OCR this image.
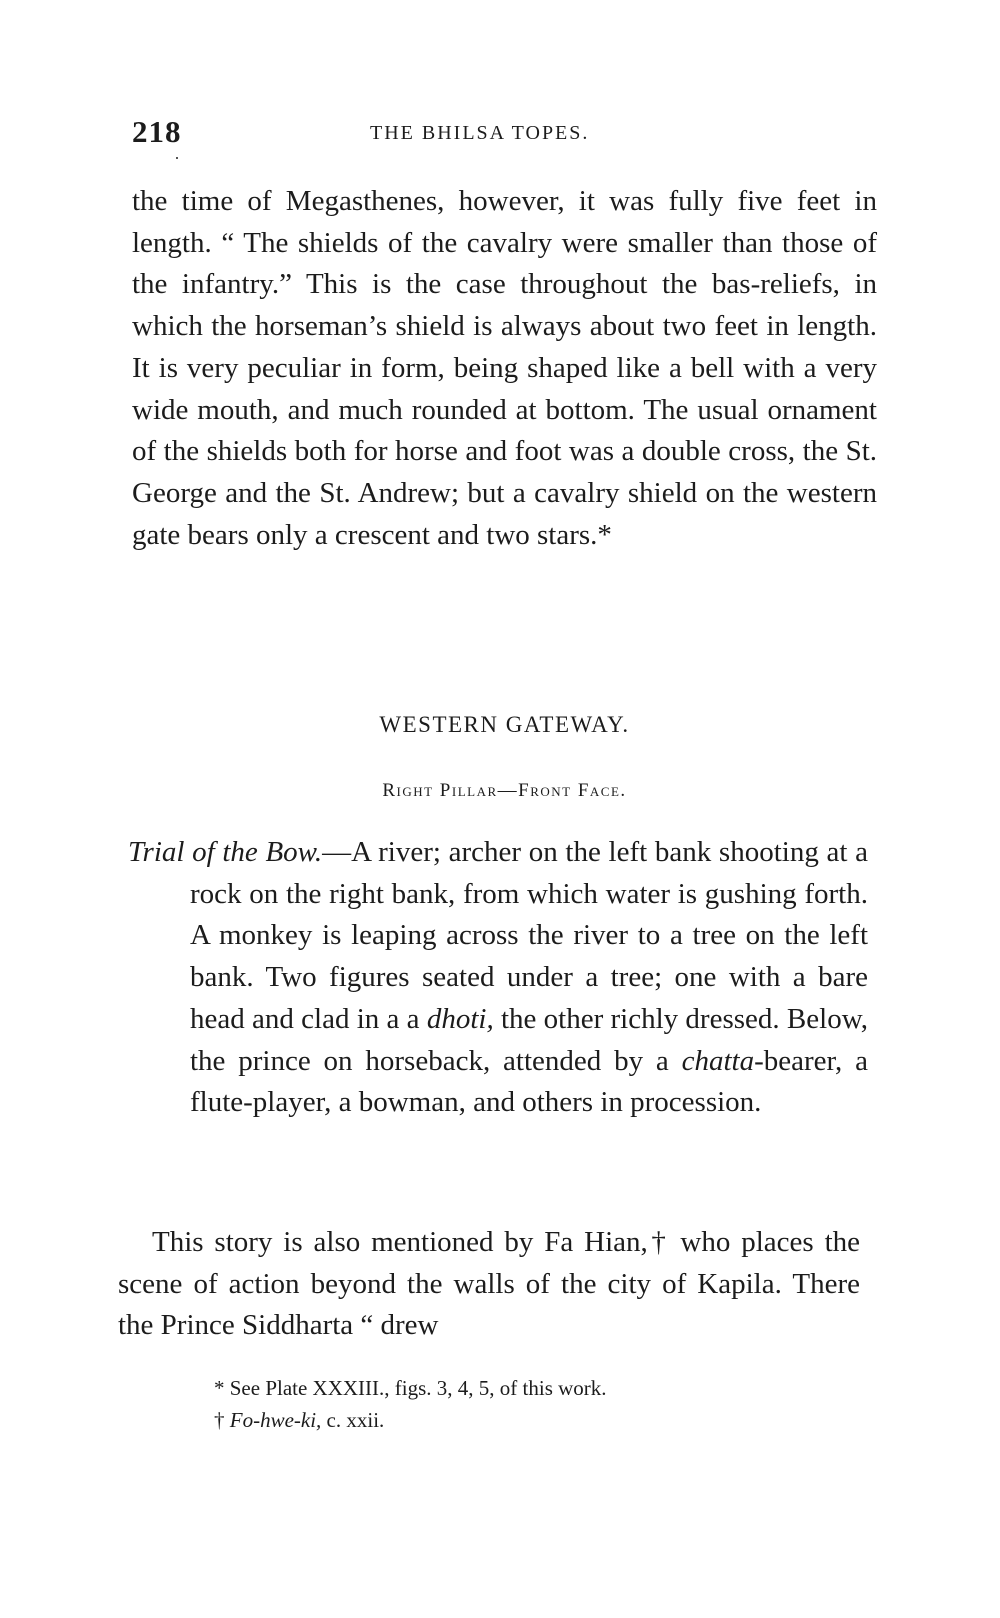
218	THE BHILSA TOPES.

the time of Megasthenes, however, it was fully five feet in length. “ The shields of the cavalry were smaller than those of the infantry.” This is the case throughout the bas-reliefs, in which the horseman’s shield is always about two feet in length. It is very peculiar in form, being shaped like a bell with a very wide mouth, and much rounded at bottom. The usual ornament of the shields both for horse and foot was a double cross, the St. George and the St. Andrew; but a cavalry shield on the western gate bears only a crescent and two stars.*

WESTERN GATEWAY.

Right Pillar—Front Face.

Trial of the Bow.—A river; archer on the left bank shooting at a rock on the right bank, from which water is gushing forth. A monkey is leaping across the river to a tree on the left bank. Two figures seated under a tree; one with a bare head and clad in a a dhoti, the other richly dressed. Below, the prince on horseback, attended by a chatta-bearer, a flute-player, a bowman, and others in procession.

This story is also mentioned by Fa Hian,† who places the scene of action beyond the walls of the city of Kapila. There the Prince Siddharta “ drew

* See Plate XXXIII., figs. 3, 4, 5, of this work.

† Fo-hwe-ki, c. xxii.
